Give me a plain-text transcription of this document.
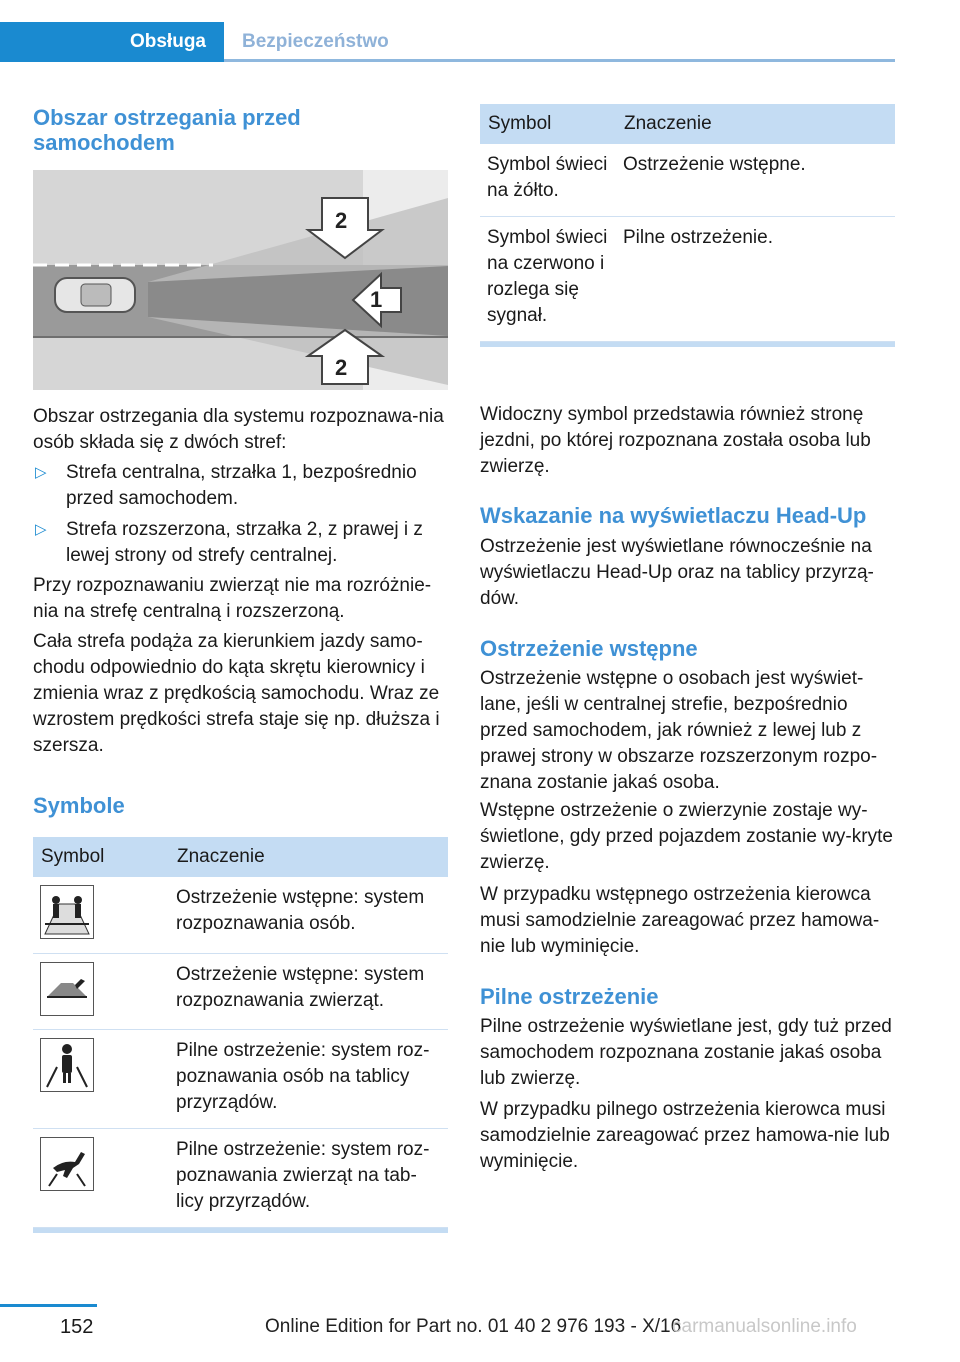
Obsługa Bezpieczeństwo
Obszar ostrzegania przed samochodem
2
1
2

Obszar ostrzegania dla systemu rozpoznawa-nia osób składa się z dwóch stref:

▷ Strefa centralna, strzałka 1, bezpośrednio przed samochodem.
▷ Strefa rozszerzona, strzałka 2, z prawej i z lewej strony od strefy centralnej.

Przy rozpoznawaniu zwierząt nie ma rozróżnie-nia na strefę centralną i rozszerzoną.

Cała strefa podąża za kierunkiem jazdy samo-chodu odpowiednio do kąta skrętu kierownicy i zmienia wraz z prędkością samochodu. Wraz ze wzrostem prędkości strefa staje się np. dłuższa i szersza.

Symbole
Symbol	Znaczenie

	Ostrzeżenie wstępne: system rozpoznawania osób.

	Ostrzeżenie wstępne: system rozpoznawania zwierząt.

	Pilne ostrzeżenie: system roz-poznawania osób na tablicy przyrządów.

	Pilne ostrzeżenie: system roz-poznawania zwierząt na tab-licy przyrządów.
Symbol	Znaczenie
Symbol świeci na żółto.	Ostrzeżenie wstępne.
Symbol świeci na czerwono i rozlega się sygnał.	Pilne ostrzeżenie.

Widoczny symbol przedstawia również stronę jezdni, po której rozpoznana została osoba lub zwierzę.

Wskazanie na wyświetlaczu Head-Up

Ostrzeżenie jest wyświetlane równocześnie na wyświetlaczu Head-Up oraz na tablicy przyrzą-dów.

Ostrzeżenie wstępne

Ostrzeżenie wstępne o osobach jest wyświet-lane, jeśli w centralnej strefie, bezpośrednio przed samochodem, jak również z lewej lub z prawej strony w obszarze rozszerzonym rozpo-znana zostanie jakaś osoba.

Wstępne ostrzeżenie o zwierzynie zostaje wy-świetlone, gdy przed pojazdem zostanie wy-kryte zwierzę.

W przypadku wstępnego ostrzeżenia kierowca musi samodzielnie zareagować przez hamowa-nie lub wyminięcie.

Pilne ostrzeżenie

Pilne ostrzeżenie wyświetlane jest, gdy tuż przed samochodem rozpoznana zostanie jakaś osoba lub zwierzę.

W przypadku pilnego ostrzeżenia kierowca musi samodzielnie zareagować przez hamowa-nie lub wyminięcie.

152	Online Edition for Part no. 01 40 2 976 193 - X/16
carmanualsonline.info
